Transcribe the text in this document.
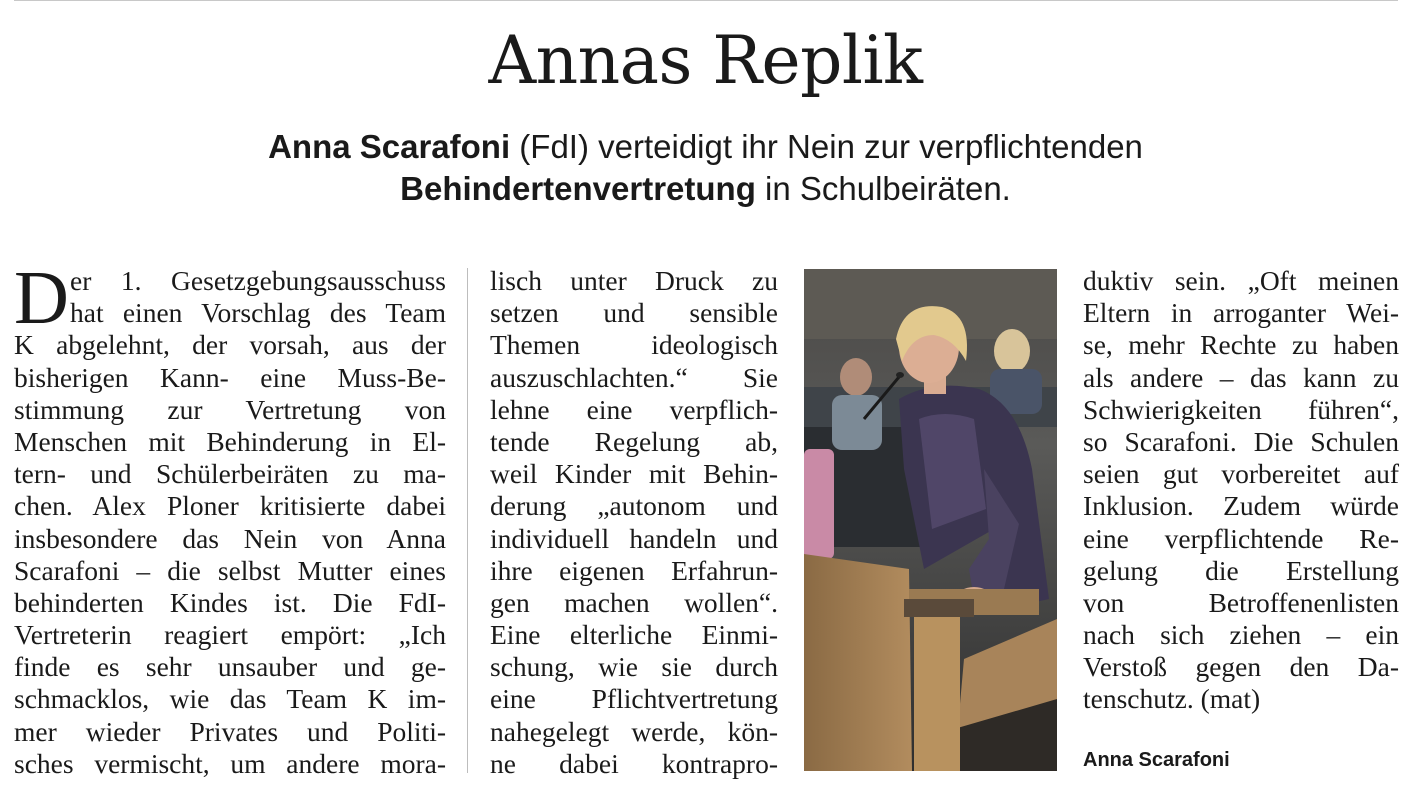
Annas Replik
Anna Scarafoni (FdI) verteidigt ihr Nein zur verpflichtenden
Behindertenvertretung in Schulbeiräten.
D er 1. Gesetzgebungsausschuss
hat einen Vorschlag des Team
K abgelehnt, der vorsah, aus der
bisherigen Kann- eine Muss-Be-
stimmung zur Vertretung von
Menschen mit Behinderung in El-
tern- und Schülerbeiräten zu ma-
chen. Alex Ploner kritisierte dabei
insbesondere das Nein von Anna
Scarafoni – die selbst Mutter eines
behinderten Kindes ist. Die FdI-
Vertreterin reagiert empört: „Ich
finde es sehr unsauber und ge-
schmacklos, wie das Team K im-
mer wieder Privates und Politi-
sches vermischt, um andere mora-
lisch unter Druck zu
setzen und sensible
Themen ideologisch
auszuschlachten.“ Sie
lehne eine verpflich-
tende Regelung ab,
weil Kinder mit Behin-
derung „autonom und
individuell handeln und
ihre eigenen Erfahrun-
gen machen wollen“.
Eine elterliche Einmi-
schung, wie sie durch
eine Pflichtvertretung
nahegelegt werde, kön-
ne dabei kontrapro-
duktiv sein. „Oft meinen
Eltern in arroganter Wei-
se, mehr Rechte zu haben
als andere – das kann zu
Schwierigkeiten führen“,
so Scarafoni. Die Schulen
seien gut vorbereitet auf
Inklusion. Zudem würde
eine verpflichtende Re-
gelung die Erstellung
von Betroffenenlisten
nach sich ziehen – ein
Verstoß gegen den Da-
tenschutz. (mat)
Anna Scarafoni
